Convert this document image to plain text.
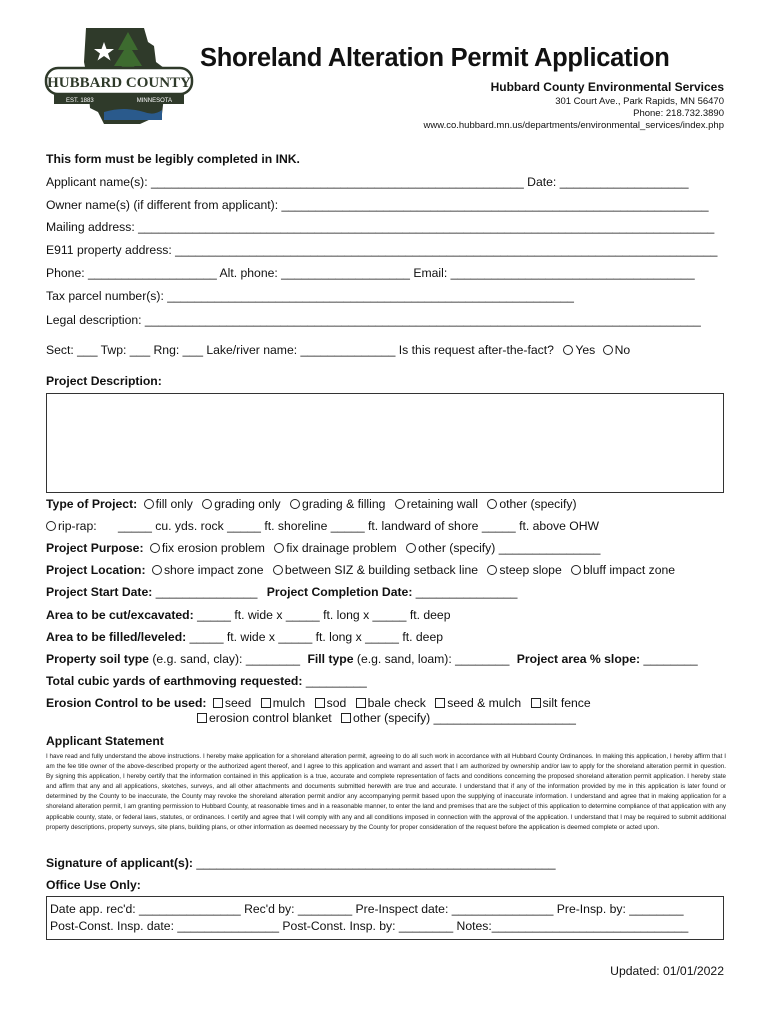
HUBBARD COUNTY
EST. 1883	MINNESOTA
Shoreland Alteration Permit Application
Hubbard County Environmental Services
301 Court Ave., Park Rapids, MN 56470
Phone: 218.732.3890
www.co.hubbard.mn.us/departments/environmental_services/index.php
This form must be legibly completed in INK.
Applicant name(s): _______________________________________________________ Date: ___________________
Owner name(s) (if different from applicant): _______________________________________________________________
Mailing address: _____________________________________________________________________________________
E911 property address: ________________________________________________________________________________
Phone: ___________________ Alt. phone: ___________________ Email: ____________________________________
Tax parcel number(s): ____________________________________________________________
Legal description: __________________________________________________________________________________
Sect: ___ Twp: ___ Rng: ___ Lake/river name: ______________ Is this request after-the-fact? Yes No
Project Description:
Type of Project: fill only grading only grading & filling retaining wall other (specify)
rip-rap: _____ cu. yds. rock _____ ft. shoreline _____ ft. landward of shore _____ ft. above OHW
Project Purpose: fix erosion problem fix drainage problem other (specify) _______________
Project Location: shore impact zone between SIZ & building setback line steep slope bluff impact zone
Project Start Date: _______________ Project Completion Date: _______________
Area to be cut/excavated: _____ ft. wide x _____ ft. long x _____ ft. deep
Area to be filled/leveled: _____ ft. wide x _____ ft. long x _____ ft. deep
Property soil type (e.g. sand, clay): ________ Fill type (e.g. sand, loam): ________ Project area % slope: ________
Total cubic yards of earthmoving requested: _________
Erosion Control to be used: seed mulch sod bale check seed & mulch silt fence
erosion control blanket other (specify) _____________________
Applicant Statement
I have read and fully understand the above instructions. I hereby make application for a shoreland alteration permit, agreeing to do all such work in accordance with all Hubbard County Ordinances. In making this application, I hereby affirm that I am the fee title owner of the above-described property or the authorized agent thereof, and I agree to this application and warrant and assert that I am authorized by ownership and/or law to apply for the shoreland alteration permit in question. By signing this application, I hereby certify that the information contained in this application is a true, accurate and complete representation of facts and conditions concerning the proposed shoreland alteration permit application. I hereby state and affirm that any and all applications, sketches, surveys, and all other attachments and documents submitted herewith are true and accurate. I understand that if any of the information provided by me in this application is later found or determined by the County to be inaccurate, the County may revoke the shoreland alteration permit and/or any accompanying permit based upon the supplying of inaccurate information. I understand and agree that in making application for a shoreland alteration permit, I am granting permission to Hubbard County, at reasonable times and in a reasonable manner, to enter the land and premises that are the subject of this application to determine compliance of that application with any applicable county, state, or federal laws, statutes, or ordinances. I certify and agree that I will comply with any and all conditions imposed in connection with the approval of the application. I understand that I may be required to submit additional property descriptions, property surveys, site plans, building plans, or other information as deemed necessary by the County for proper consideration of the request before the application is deemed complete or acted upon.
Signature of applicant(s): _____________________________________________________
Office Use Only:
Date app. rec'd: _______________ Rec'd by: ________ Pre-Inspect date: _______________ Pre-Insp. by: ________
Post-Const. Insp. date: _______________ Post-Const. Insp. by: ________ Notes:_____________________________
Updated: 01/01/2022
